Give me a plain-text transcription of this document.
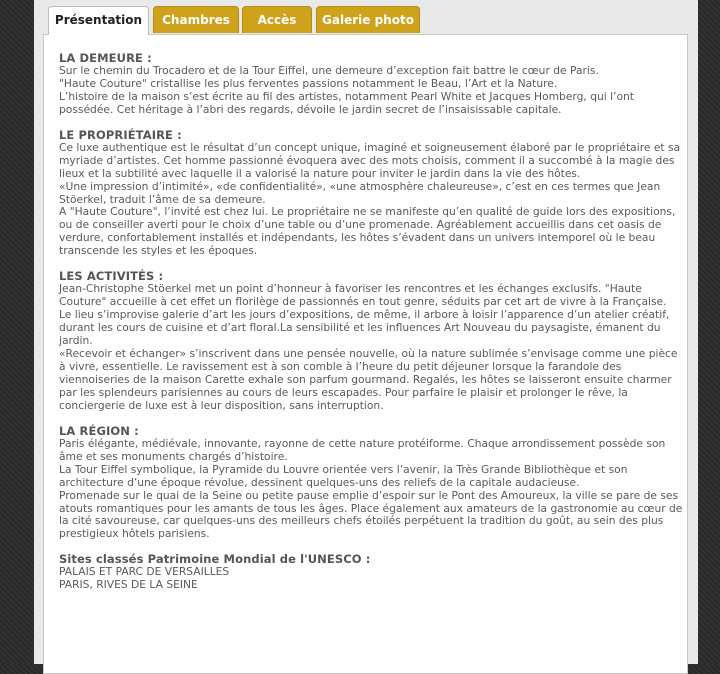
Présentation	Chambres	Accès	Galerie photo
LA DEMEURE :

Sur le chemin du Trocadero et de la Tour Eiffel, une demeure d’exception fait battre le cœur de Paris.

"Haute Couture" cristallise les plus ferventes passions notamment le Beau, l’Art et la Nature.

L’histoire de la maison s’est écrite au fil des artistes, notamment Pearl White et Jacques Homberg, qui l’ont possédée. Cet héritage à l’abri des regards, dévoile le jardin secret de l’insaisissable capitale.

LE PROPRIÉTAIRE :

Ce luxe authentique est le résultat d’un concept unique, imaginé et soigneusement élaboré par le propriétaire et sa myriade d’artistes. Cet homme passionné évoquera avec des mots choisis, comment il a succombé à la magie des lieux et la subtilité avec laquelle il a valorisé la nature pour inviter le jardin dans la vie des hôtes.

«Une impression d’intimité», «de confidentialité», «une atmosphère chaleureuse», c’est en ces termes que Jean Stöerkel, traduit l’âme de sa demeure.

A "Haute Couture", l’invité est chez lui. Le propriétaire ne se manifeste qu’en qualité de guide lors des expositions, ou de conseiller averti pour le choix d’une table ou d’une promenade. Agréablement accueillis dans cet oasis de verdure, confortablement installés et indépendants, les hôtes s’évadent dans un univers intemporel où le beau transcende les styles et les époques.

LES ACTIVITÉS :

Jean-Christophe Stöerkel met un point d’honneur à favoriser les rencontres et les échanges exclusifs. "Haute Couture" accueille à cet effet un florilège de passionnés en tout genre, séduits par cet art de vivre à la Française.

Le lieu s’improvise galerie d’art les jours d’expositions, de même, il arbore à loisir l’apparence d’un atelier créatif, durant les cours de cuisine et d’art floral.La sensibilité et les influences Art Nouveau du paysagiste, émanent du jardin.

«Recevoir et échanger» s’inscrivent dans une pensée nouvelle, où la nature sublimée s’envisage comme une pièce à vivre, essentielle. Le ravissement est à son comble à l’heure du petit déjeuner lorsque la farandole des viennoiseries de la maison Carette exhale son parfum gourmand. Regalés, les hôtes se laisseront ensuite charmer par les splendeurs parisiennes au cours de leurs escapades. Pour parfaire le plaisir et prolonger le rêve, la conciergerie de luxe est à leur disposition, sans interruption.

LA RÉGION :

Paris élégante, médiévale, innovante, rayonne de cette nature protéiforme. Chaque arrondissement possède son âme et ses monuments chargés d’histoire.

La Tour Eiffel symbolique, la Pyramide du Louvre orientée vers l’avenir, la Très Grande Bibliothèque et son architecture d’une époque révolue, dessinent quelques-uns des reliefs de la capitale audacieuse.

Promenade sur le quai de la Seine ou petite pause emplie d’espoir sur le Pont des Amoureux, la ville se pare de ses atouts romantiques pour les amants de tous les âges. Place également aux amateurs de la gastronomie au cœur de la cité savoureuse, car quelques-uns des meilleurs chefs étoilés perpétuent la tradition du goût, au sein des plus prestigieux hôtels parisiens.

Sites classés Patrimoine Mondial de l'UNESCO :

PALAIS ET PARC DE VERSAILLES

PARIS, RIVES DE LA SEINE
